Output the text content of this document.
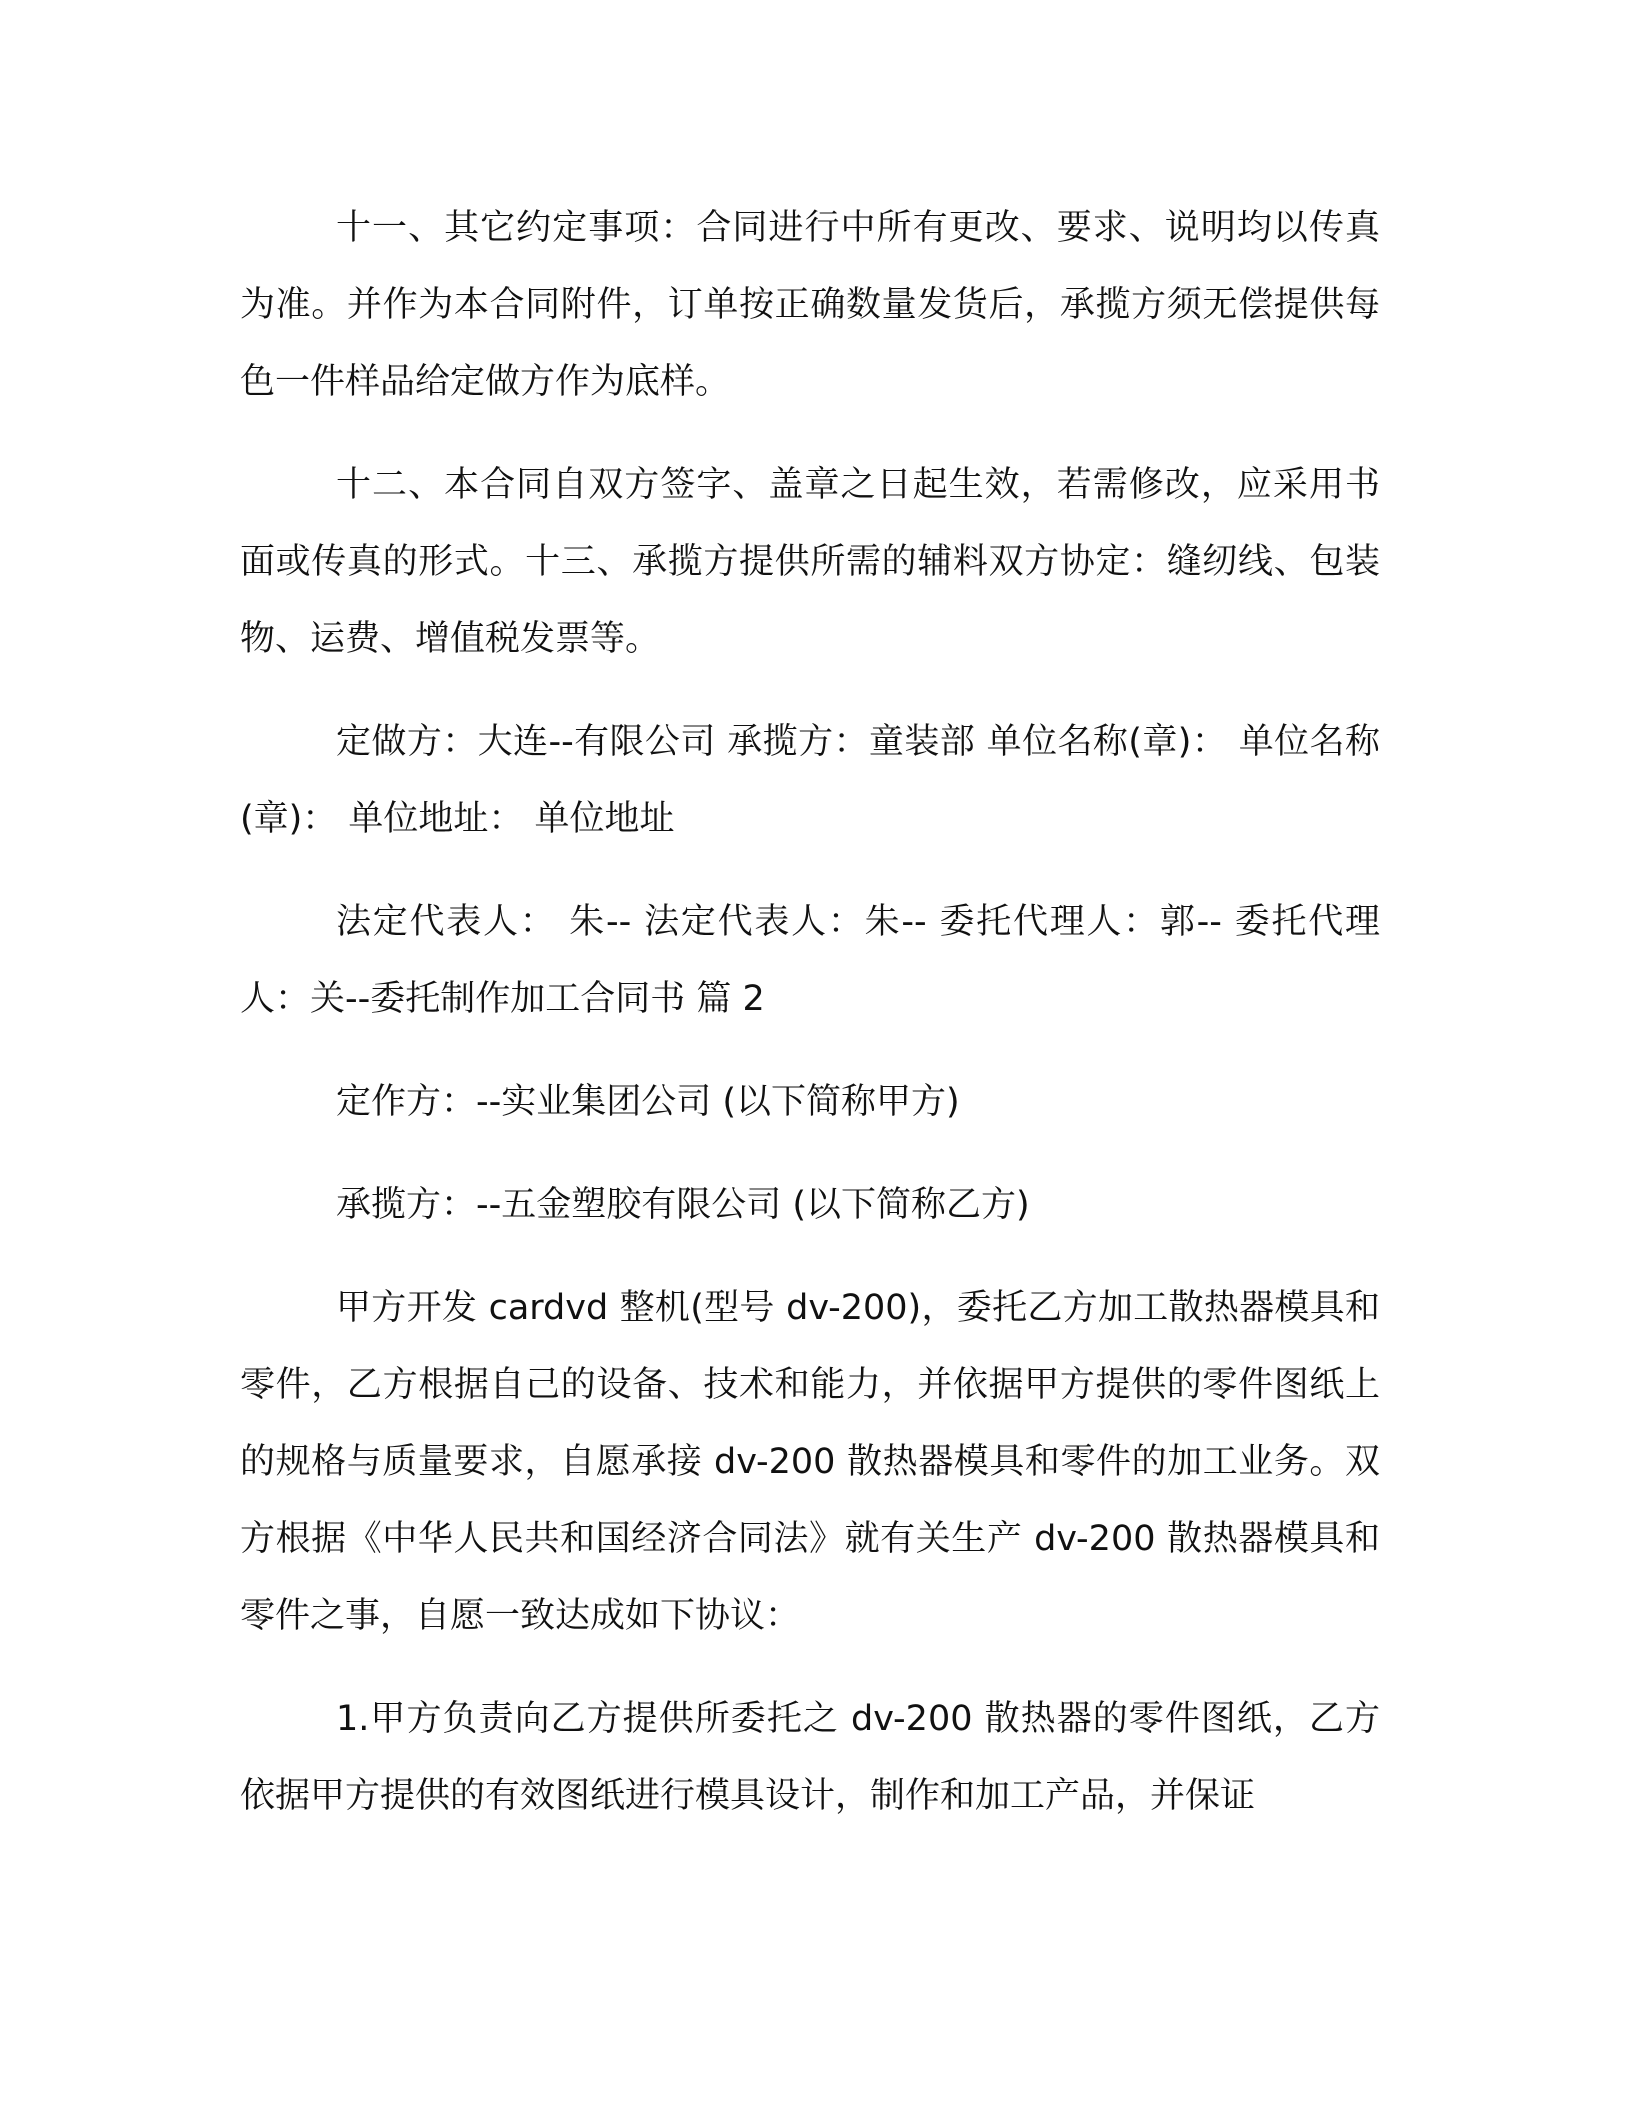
十一、其它约定事项：合同进行中所有更改、要求、说明均以传真为准。并作为本合同附件，订单按正确数量发货后，承揽方须无偿提供每色一件样品给定做方作为底样。

十二、本合同自双方签字、盖章之日起生效，若需修改，应采用书面或传真的形式。十三、承揽方提供所需的辅料双方协定：缝纫线、包装物、运费、增值税发票等。

定做方：大连--有限公司 承揽方：童装部 单位名称(章)： 单位名称(章)： 单位地址： 单位地址

法定代表人： 朱-- 法定代表人：朱-- 委托代理人：郭-- 委托代理人：关--委托制作加工合同书 篇 2

定作方：--实业集团公司 (以下简称甲方)

承揽方：--五金塑胶有限公司 (以下简称乙方)

甲方开发 cardvd 整机(型号 dv-200)，委托乙方加工散热器模具和零件，乙方根据自己的设备、技术和能力，并依据甲方提供的零件图纸上的规格与质量要求，自愿承接 dv-200 散热器模具和零件的加工业务。双方根据《中华人民共和国经济合同法》就有关生产 dv-200 散热器模具和零件之事，自愿一致达成如下协议：

1.甲方负责向乙方提供所委托之 dv-200 散热器的零件图纸，乙方依据甲方提供的有效图纸进行模具设计，制作和加工产品，并保证
